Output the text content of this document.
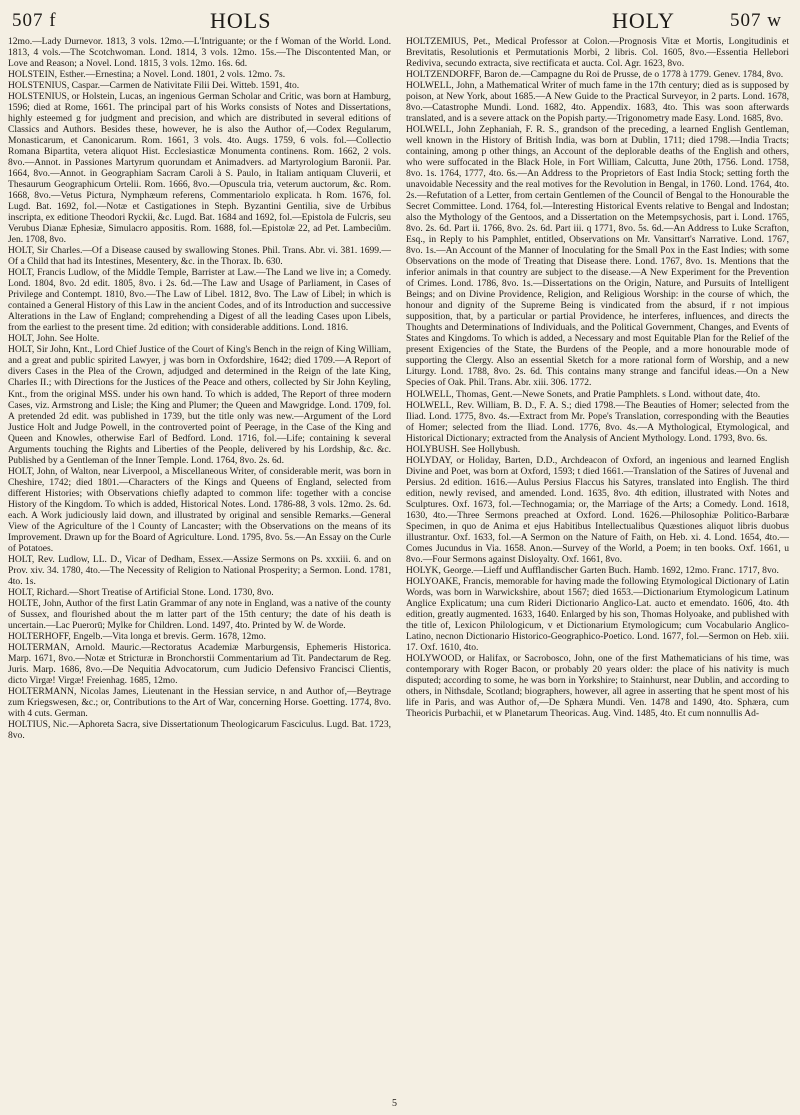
507 f	HOLS	HOLY	507 w

12mo.—Lady Durnevor. 1813, 3 vols. 12mo.—L'Intriguante; or the f Woman of the World. Lond. 1813, 4 vols.—The Scotchwoman. Lond. 1814, 3 vols. 12mo. 15s.—The Discontented Man, or Love and Reason; a Novel. Lond. 1815, 3 vols. 12mo. 16s. 6d.

HOLSTEIN, Esther.—Ernestina; a Novel. Lond. 1801, 2 vols. 12mo. 7s.

HOLSTENIUS, Caspar.—Carmen de Nativitate Filii Dei. Witteb. 1591, 4to.

HOLSTENIUS, or Holstein, Lucas, an ingenious German Scholar and Critic, was born at Hamburg, 1596; died at Rome, 1661. The principal part of his Works consists of Notes and Dissertations, highly esteemed g for judgment and precision, and which are distributed in several editions of Classics and Authors. Besides these, however, he is also the Author of,—Codex Regularum, Monasticarum, et Canonicarum. Rom. 1661, 3 vols. 4to. Augs. 1759, 6 vols. fol.—Collectio Romana Bipartita, vetera aliquot Hist. Ecclesiasticæ Monumenta continens. Rom. 1662, 2 vols. 8vo.—Annot. in Passiones Martyrum quorundam et Animadvers. ad Martyrologium Baronii. Par. 1664, 8vo.—Annot. in Geographiam Sacram Caroli à S. Paulo, in Italiam antiquam Cluverii, et Thesaurum Geographicum Ortelii. Rom. 1666, 8vo.—Opuscula tria, veterum auctorum, &c. Rom. 1668, 8vo.—Vetus Pictura, Nymphæum referens, Commentariolo explicata. h Rom. 1676, fol. Lugd. Bat. 1692, fol.—Notæ et Castigationes in Steph. Byzantini Gentilia, sive de Urbibus inscripta, ex editione Theodori Ryckii, &c. Lugd. Bat. 1684 and 1692, fol.—Epistola de Fulcris, seu Verubus Dianæ Ephesiæ, Simulacro appositis. Rom. 1688, fol.—Epistolæ 22, ad Pet. Lambeciûm. Jen. 1708, 8vo.

HOLT, Sir Charles.—Of a Disease caused by swallowing Stones. Phil. Trans. Abr. vi. 381. 1699.—Of a Child that had its Intestines, Mesentery, &c. in the Thorax. Ib. 630.

HOLT, Francis Ludlow, of the Middle Temple, Barrister at Law.—The Land we live in; a Comedy. Lond. 1804, 8vo. 2d edit. 1805, 8vo. i 2s. 6d.—The Law and Usage of Parliament, in Cases of Privilege and Contempt. 1810, 8vo.—The Law of Libel. 1812, 8vo. The Law of Libel; in which is contained a General History of this Law in the ancient Codes, and of its Introduction and successive Alterations in the Law of England; comprehending a Digest of all the leading Cases upon Libels, from the earliest to the present time. 2d edition; with considerable additions. Lond. 1816.

HOLT, John. See Holte.

HOLT, Sir John, Knt., Lord Chief Justice of the Court of King's Bench in the reign of King William, and a great and public spirited Lawyer, j was born in Oxfordshire, 1642; died 1709.—A Report of divers Cases in the Plea of the Crown, adjudged and determined in the Reign of the late King, Charles II.; with Directions for the Justices of the Peace and others, collected by Sir John Keyling, Knt., from the original MSS. under his own hand. To which is added, The Report of three modern Cases, viz. Armstrong and Lisle; the King and Plumer; the Queen and Mawgridge. Lond. 1709, fol. A pretended 2d edit. was published in 1739, but the title only was new.—Argument of the Lord Justice Holt and Judge Powell, in the controverted point of Peerage, in the Case of the King and Queen and Knowles, otherwise Earl of Bedford. Lond. 1716, fol.—Life; containing k several Arguments touching the Rights and Liberties of the People, delivered by his Lordship, &c. &c. Published by a Gentleman of the Inner Temple. Lond. 1764, 8vo. 2s. 6d.

HOLT, John, of Walton, near Liverpool, a Miscellaneous Writer, of considerable merit, was born in Cheshire, 1742; died 1801.—Characters of the Kings and Queens of England, selected from different Histories; with Observations chiefly adapted to common life: together with a concise History of the Kingdom. To which is added, Historical Notes. Lond. 1786-88, 3 vols. 12mo. 2s. 6d. each. A Work judiciously laid down, and illustrated by original and sensible Remarks.—General View of the Agriculture of the l County of Lancaster; with the Observations on the means of its Improvement. Drawn up for the Board of Agriculture. Lond. 1795, 8vo. 5s.—An Essay on the Curle of Potatoes.

HOLT, Rev. Ludlow, LL. D., Vicar of Dedham, Essex.—Assize Sermons on Ps. xxxiii. 6. and on Prov. xiv. 34. 1780, 4to.—The Necessity of Religion to National Prosperity; a Sermon. Lond. 1781, 4to. 1s.

HOLT, Richard.—Short Treatise of Artificial Stone. Lond. 1730, 8vo.

HOLTE, John, Author of the first Latin Grammar of any note in England, was a native of the county of Sussex, and flourished about the m latter part of the 15th century; the date of his death is uncertain.—Lac Puerorū; Mylke for Children. Lond. 1497, 4to. Printed by W. de Worde.

HOLTERHOFF, Engelb.—Vita longa et brevis. Germ. 1678, 12mo.

HOLTERMAN, Arnold. Mauric.—Rectoratus Academiæ Marburgensis, Ephemeris Historica. Marp. 1671, 8vo.—Notæ et Stricturæ in Bronchorstii Commentarium ad Tit. Pandectarum de Reg. Juris. Marp. 1686, 8vo.—De Nequitia Advocatorum, cum Judicio Defensivo Francisci Clientis, dicto Virgæ! Virgæ! Freienhag. 1685, 12mo.

HOLTERMANN, Nicolas James, Lieutenant in the Hessian service, n and Author of,—Beytrage zum Kriegswesen, &c.; or, Contributions to the Art of War, concerning Horse. Goetting. 1774, 8vo. with 4 cuts. German.

HOLTIUS, Nic.—Aphoreta Sacra, sive Dissertationum Theologicarum Fasciculus. Lugd. Bat. 1723, 8vo.

HOLTZEMIUS, Pet., Medical Professor at Colon.—Prognosis Vitæ et Mortis, Longitudinis et Brevitatis, Resolutionis et Permutationis Morbi, 2 libris. Col. 1605, 8vo.—Essentia Hellebori Rediviva, secundo extracta, sive rectificata et aucta. Col. Agr. 1623, 8vo.

HOLTZENDORFF, Baron de.—Campagne du Roi de Prusse, de o 1778 à 1779. Genev. 1784, 8vo.

HOLWELL, John, a Mathematical Writer of much fame in the 17th century; died as is supposed by poison, at New York, about 1685.—A New Guide to the Practical Surveyor, in 2 parts. Lond. 1678, 8vo.—Catastrophe Mundi. Lond. 1682, 4to. Appendix. 1683, 4to. This was soon afterwards translated, and is a severe attack on the Popish party.—Trigonometry made Easy. Lond. 1685, 8vo.

HOLWELL, John Zephaniah, F. R. S., grandson of the preceding, a learned English Gentleman, well known in the History of British India, was born at Dublin, 1711; died 1798.—India Tracts; containing, among p other things, an Account of the deplorable deaths of the English and others, who were suffocated in the Black Hole, in Fort William, Calcutta, June 20th, 1756. Lond. 1758, 8vo. 1s. 1764, 1777, 4to. 6s.—An Address to the Proprietors of East India Stock; setting forth the unavoidable Necessity and the real motives for the Revolution in Bengal, in 1760. Lond. 1764, 4to. 2s.—Refutation of a Letter, from certain Gentlemen of the Council of Bengal to the Honourable the Secret Committee. Lond. 1764, fol.—Interesting Historical Events relative to Bengal and Indostan; also the Mythology of the Gentoos, and a Dissertation on the Metempsychosis, part i. Lond. 1765, 8vo. 2s. 6d. Part ii. 1766, 8vo. 2s. 6d. Part iii. q 1771, 8vo. 5s. 6d.—An Address to Luke Scrafton, Esq., in Reply to his Pamphlet, entitled, Observations on Mr. Vansittart's Narrative. Lond. 1767, 8vo. 1s.—An Account of the Manner of Inoculating for the Small Pox in the East Indies; with some Observations on the mode of Treating that Disease there. Lond. 1767, 8vo. 1s. Mentions that the inferior animals in that country are subject to the disease.—A New Experiment for the Prevention of Crimes. Lond. 1786, 8vo. 1s.—Dissertations on the Origin, Nature, and Pursuits of Intelligent Beings; and on Divine Providence, Religion, and Religious Worship: in the course of which, the honour and dignity of the Supreme Being is vindicated from the absurd, if r not impious supposition, that, by a particular or partial Providence, he interferes, influences, and directs the Thoughts and Determinations of Individuals, and the Political Government, Changes, and Events of States and Kingdoms. To which is added, a Necessary and most Equitable Plan for the Relief of the present Exigencies of the State, the Burdens of the People, and a more honourable mode of supporting the Clergy. Also an essential Sketch for a more rational form of Worship, and a new Liturgy. Lond. 1788, 8vo. 2s. 6d. This contains many strange and fanciful ideas.—On a New Species of Oak. Phil. Trans. Abr. xiii. 306. 1772.

HOLWELL, Thomas, Gent.—Newe Sonets, and Pratie Pamphlets. s Lond. without date, 4to.

HOLWELL, Rev. William, B. D., F. A. S.; died 1798.—The Beauties of Homer; selected from the Iliad. Lond. 1775, 8vo. 4s.—Extract from Mr. Pope's Translation, corresponding with the Beauties of Homer; selected from the Iliad. Lond. 1776, 8vo. 4s.—A Mythological, Etymological, and Historical Dictionary; extracted from the Analysis of Ancient Mythology. Lond. 1793, 8vo. 6s.

HOLYBUSH. See Hollybush.

HOLYDAY, or Holiday, Barten, D.D., Archdeacon of Oxford, an ingenious and learned English Divine and Poet, was born at Oxford, 1593; t died 1661.—Translation of the Satires of Juvenal and Persius. 2d edition. 1616.—Aulus Persius Flaccus his Satyres, translated into English. The third edition, newly revised, and amended. Lond. 1635, 8vo. 4th edition, illustrated with Notes and Sculptures. Oxf. 1673, fol.—Technogamia; or, the Marriage of the Arts; a Comedy. Lond. 1618, 1630, 4to.—Three Sermons preached at Oxford. Lond. 1626.—Philosophiæ Politico-Barbaræ Specimen, in quo de Anima et ejus Habitibus Intellectualibus Quæstiones aliquot libris duobus illustrantur. Oxf. 1633, fol.—A Sermon on the Nature of Faith, on Heb. xi. 4. Lond. 1654, 4to.—Comes Jucundus in Via. 1658. Anon.—Survey of the World, a Poem; in ten books. Oxf. 1661, u 8vo.—Four Sermons against Disloyalty. Oxf. 1661, 8vo.

HOLYK, George.—Lieff und Aufflandischer Garten Buch. Hamb. 1692, 12mo. Franc. 1717, 8vo.

HOLYOAKE, Francis, memorable for having made the following Etymological Dictionary of Latin Words, was born in Warwickshire, about 1567; died 1653.—Dictionarium Etymologicum Latinum Anglice Explicatum; una cum Rideri Dictionario Anglico-Lat. aucto et emendato. 1606, 4to. 4th edition, greatly augmented. 1633, 1640. Enlarged by his son, Thomas Holyoake, and published with the title of, Lexicon Philologicum, v et Dictionarium Etymologicum; cum Vocabulario Anglico-Latino, necnon Dictionario Historico-Geographico-Poetico. Lond. 1677, fol.—Sermon on Heb. xiii. 17. Oxf. 1610, 4to.

HOLYWOOD, or Halifax, or Sacrobosco, John, one of the first Mathematicians of his time, was contemporary with Roger Bacon, or probably 20 years older: the place of his nativity is much disputed; according to some, he was born in Yorkshire; to Stainhurst, near Dublin, and according to others, in Nithsdale, Scotland; biographers, however, all agree in asserting that he spent most of his life in Paris, and was Author of,—De Sphæra Mundi. Ven. 1478 and 1490, 4to. Sphæra, cum Theoricis Purbachii, et w Planetarum Theoricas. Aug. Vind. 1485, 4to. Et cum nonnullis Ad-

5
